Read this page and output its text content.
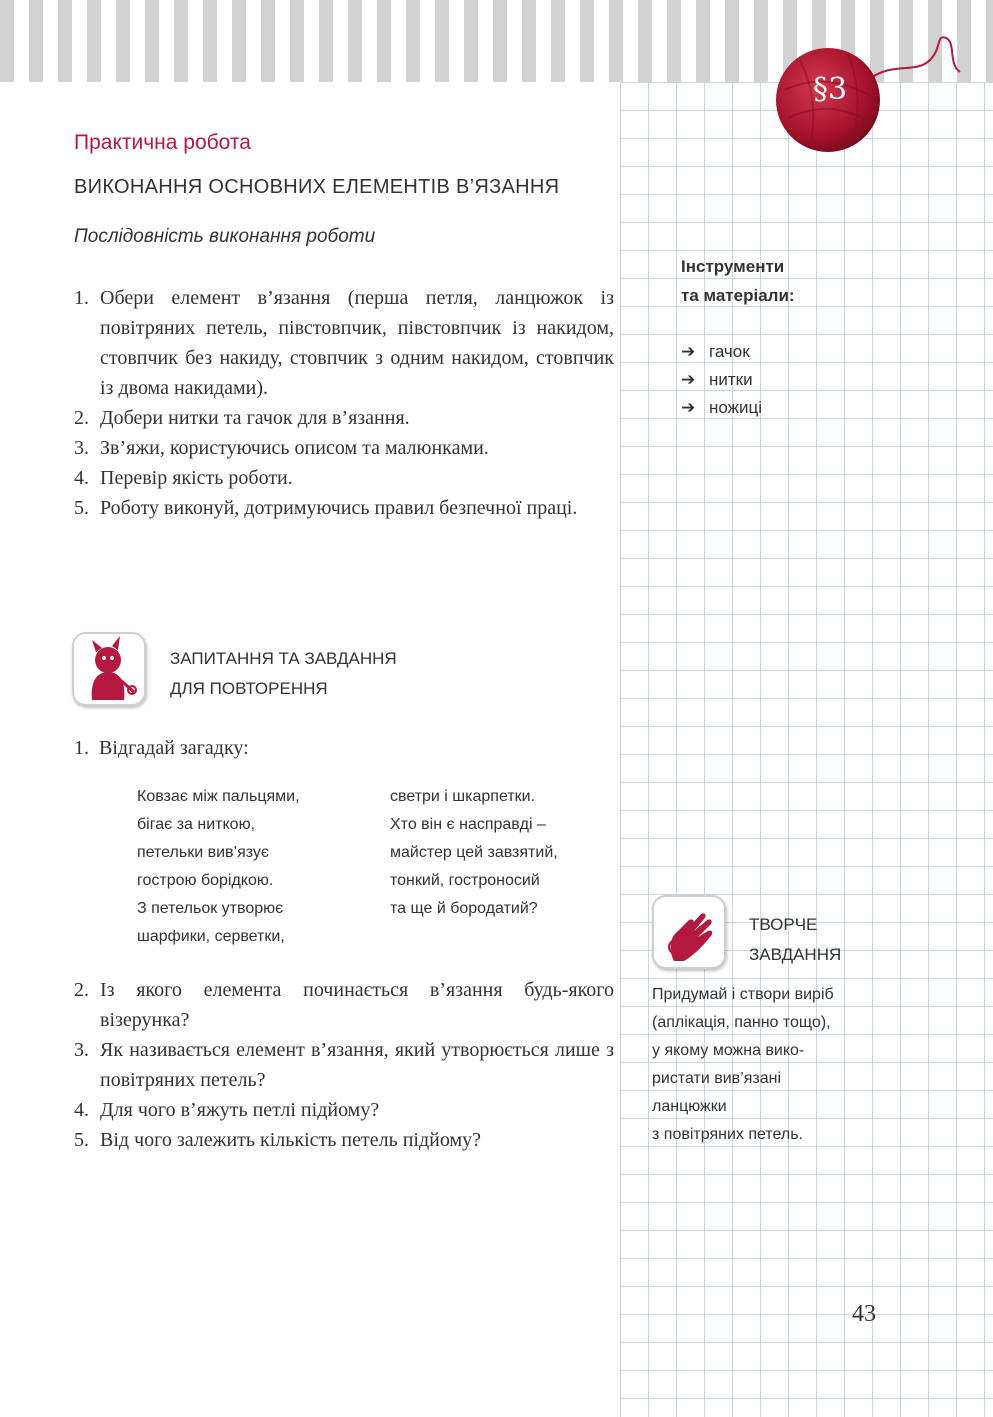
§3
Практична робота
ВИКОНАННЯ ОСНОВНИХ ЕЛЕМЕНТІВ В’ЯЗАННЯ
Послідовність виконання роботи
1. Обери елемент в’язання (перша петля, ланцюжок із повітряних петель, півстовпчик, півстовпчик із накидом, стовпчик без накиду, стовпчик з одним накидом, стовпчик із двома накидами).
2. Добери нитки та гачок для в’язання.
3. Зв’яжи, користуючись описом та малюнками.
4. Перевір якість роботи.
5. Роботу виконуй, дотримуючись правил безпечної праці.
Інструменти
та матеріали:
➔ гачок
➔ нитки
➔ ножиці
ЗАПИТАННЯ ТА ЗАВДАННЯ
ДЛЯ ПОВТОРЕННЯ
1. Відгадай загадку:
Ковзає між пальцями,
бігає за ниткою,
петельки вив’язує
гострою борідкою.
З петельок утворює
шарфики, серветки,
светри і шкарпетки.
Хто він є насправді –
майстер цей завзятий,
тонкий, гостроносий
та ще й бородатий?
2. Із якого елемента починається в’язання будь-якого візерунка?
3. Як називається елемент в’язання, який утворюється лише з повітряних петель?
4. Для чого в’яжуть петлі підйому?
5. Від чого залежить кількість петель підйому?
ТВОРЧЕ
ЗАВДАННЯ
Придумай і створи виріб
(аплікація, панно тощо),
у якому можна вико-
ристати вив’язані
ланцюжки
з повітряних петель.
43
